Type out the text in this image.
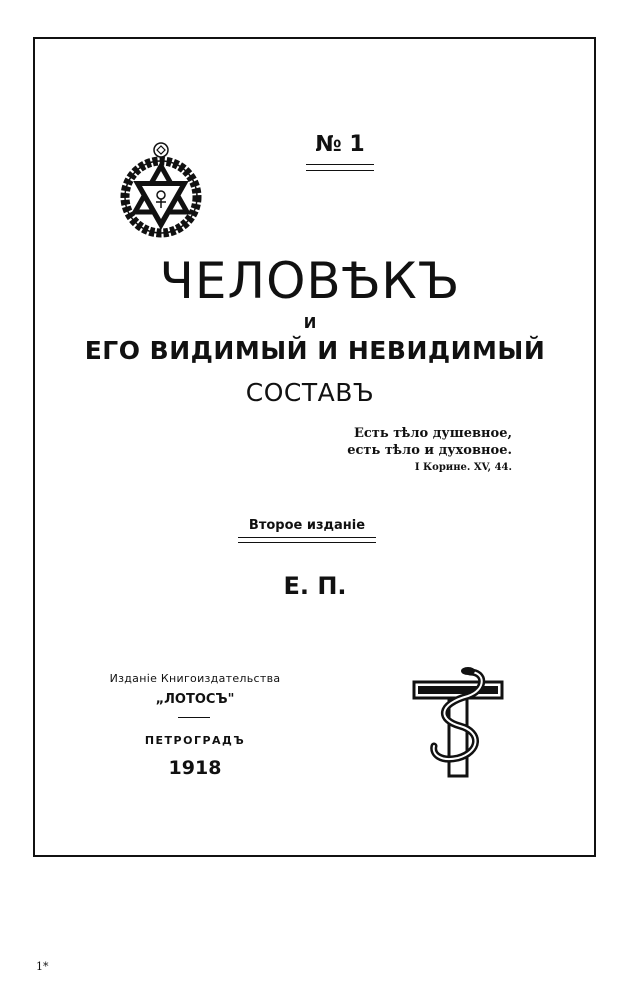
№ 1
ЧЕЛОВѢКЪ
И
ЕГО ВИДИМЫЙ И НЕВИДИМЫЙ
СОСТАВЪ
Есть тѣло душевное,
есть тѣло и духовное.
I Корине. XV, 44.
Второе изданіе
Е. П.
Изданіе Книгоиздательства
„ЛОТОСЪ"
ПЕТРОГРАДЪ
1918
1*
